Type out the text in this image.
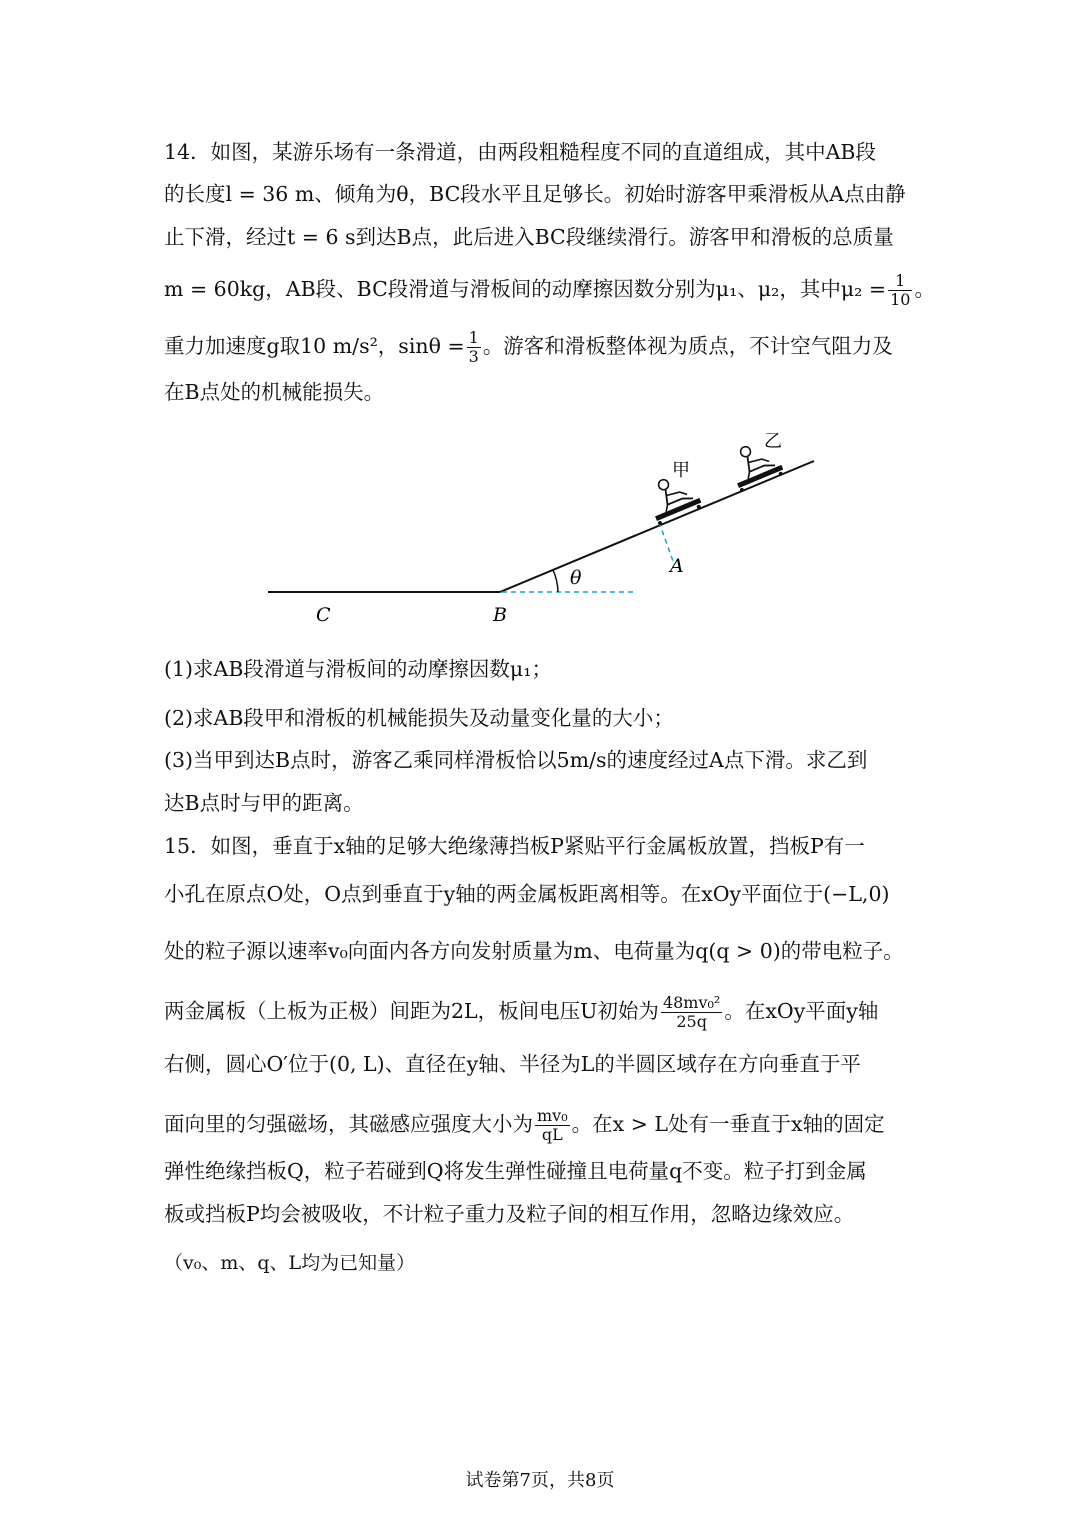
14．如图，某游乐场有一条滑道，由两段粗糙程度不同的直道组成，其中AB段
的长度l = 36 m、倾角为θ，BC段水平且足够长。初始时游客甲乘滑板从A点由静
止下滑，经过t = 6 s到达B点，此后进入BC段继续滑行。游客甲和滑板的总质量
m = 60kg，AB段、BC段滑道与滑板间的动摩擦因数分别为μ₁、μ₂，其中$\mu_2 = \frac{1}{10}$ 。
重力加速度g取10 m/s²，$\sin\theta = \frac{1}{3}$ 。游客和滑板整体视为质点，不计空气阻力及
在B点处的机械能损失。
θ
A
B
C
甲
乙
(1)求AB段滑道与滑板间的动摩擦因数μ₁；
(2)求AB段甲和滑板的机械能损失及动量变化量的大小；
(3)当甲到达B点时，游客乙乘同样滑板恰以5m/s的速度经过A点下滑。求乙到
达B点时与甲的距离。
15．如图，垂直于x轴的足够大绝缘薄挡板P紧贴平行金属板放置，挡板P有一
小孔在原点O处，O点到垂直于y轴的两金属板距离相等。在xOy平面位于(−L,0)
处的粒子源以速率v₀向面内各方向发射质量为m、电荷量为q(q > 0)的带电粒子。
两金属板（上板为正极）间距为2L，板间电压U初始为 $\frac{\text{48mv₀²}}{25q}$ 。在xOy平面y轴
右侧，圆心O′位于(0, L)、直径在y轴、半径为L的半圆区域存在方向垂直于平
面向里的匀强磁场，其磁感应强度大小为 $\frac{\text{mv₀}}{qL}$ 。在x > L处有一垂直于x轴的固定
弹性绝缘挡板Q，粒子若碰到Q将发生弹性碰撞且电荷量q不变。粒子打到金属
板或挡板P均会被吸收，不计粒子重力及粒子间的相互作用，忽略边缘效应。
（v₀、m、q、L均为已知量）
试卷第7页，共8页
